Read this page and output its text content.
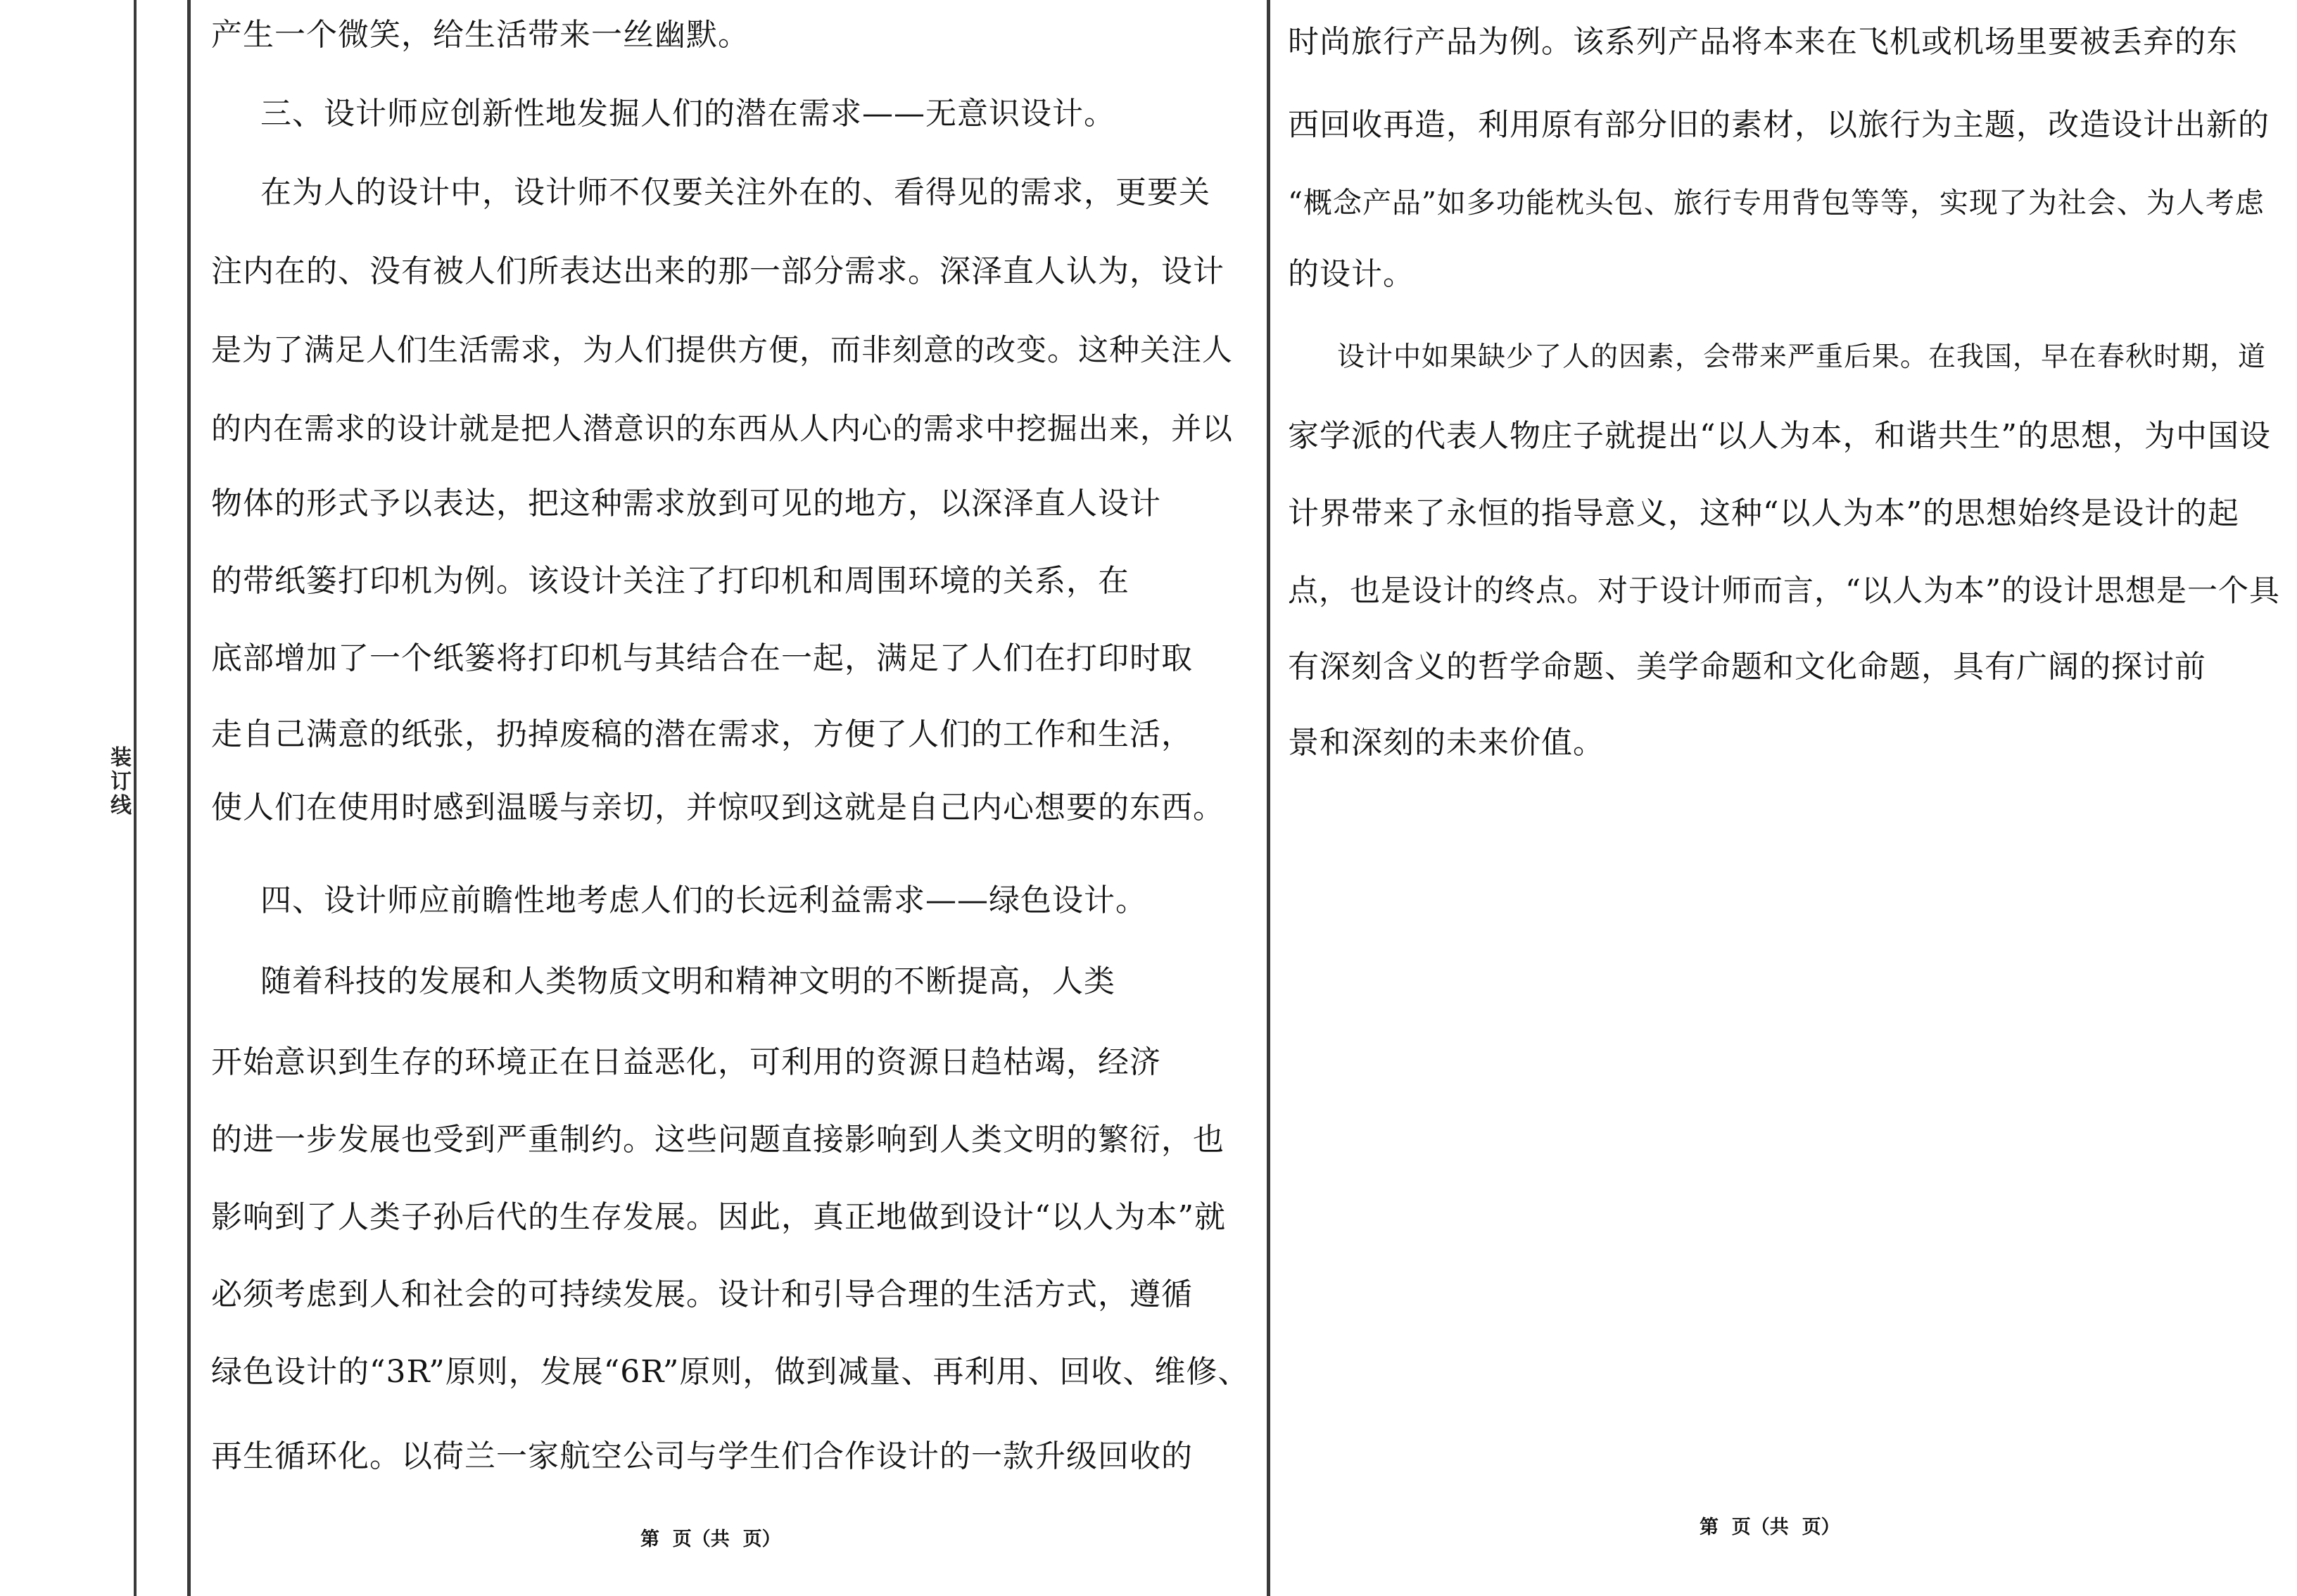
装订线
产生一个微笑，给生活带来一丝幽默。
三、设计师应创新性地发掘人们的潜在需求——无意识设计。
在为人的设计中，设计师不仅要关注外在的、看得见的需求，更要关
注内在的、没有被人们所表达出来的那一部分需求。深泽直人认为，设计
是为了满足人们生活需求，为人们提供方便，而非刻意的改变。这种关注人
的内在需求的设计就是把人潜意识的东西从人内心的需求中挖掘出来，并以
物体的形式予以表达，把这种需求放到可见的地方，以深泽直人设计
的带纸篓打印机为例。该设计关注了打印机和周围环境的关系，在
底部增加了一个纸篓将打印机与其结合在一起，满足了人们在打印时取
走自己满意的纸张，扔掉废稿的潜在需求，方便了人们的工作和生活，
使人们在使用时感到温暖与亲切，并惊叹到这就是自己内心想要的东西。
四、设计师应前瞻性地考虑人们的长远利益需求——绿色设计。
随着科技的发展和人类物质文明和精神文明的不断提高，人类
开始意识到生存的环境正在日益恶化，可利用的资源日趋枯竭，经济
的进一步发展也受到严重制约。这些问题直接影响到人类文明的繁衍，也
影响到了人类子孙后代的生存发展。因此，真正地做到设计“以人为本”就
必须考虑到人和社会的可持续发展。设计和引导合理的生活方式，遵循
绿色设计的“3R”原则，发展“6R”原则，做到减量、再利用、回收、维修、
再生循环化。以荷兰一家航空公司与学生们合作设计的一款升级回收的
第  页（共  页）
时尚旅行产品为例。该系列产品将本来在飞机或机场里要被丢弃的东
西回收再造，利用原有部分旧的素材，以旅行为主题，改造设计出新的
“概念产品”如多功能枕头包、旅行专用背包等等，实现了为社会、为人考虑
的设计。
设计中如果缺少了人的因素，会带来严重后果。在我国，早在春秋时期，道
家学派的代表人物庄子就提出“以人为本，和谐共生”的思想，为中国设
计界带来了永恒的指导意义，这种“以人为本”的思想始终是设计的起
点，也是设计的终点。对于设计师而言，“以人为本”的设计思想是一个具
有深刻含义的哲学命题、美学命题和文化命题，具有广阔的探讨前
景和深刻的未来价值。
第  页（共  页）
